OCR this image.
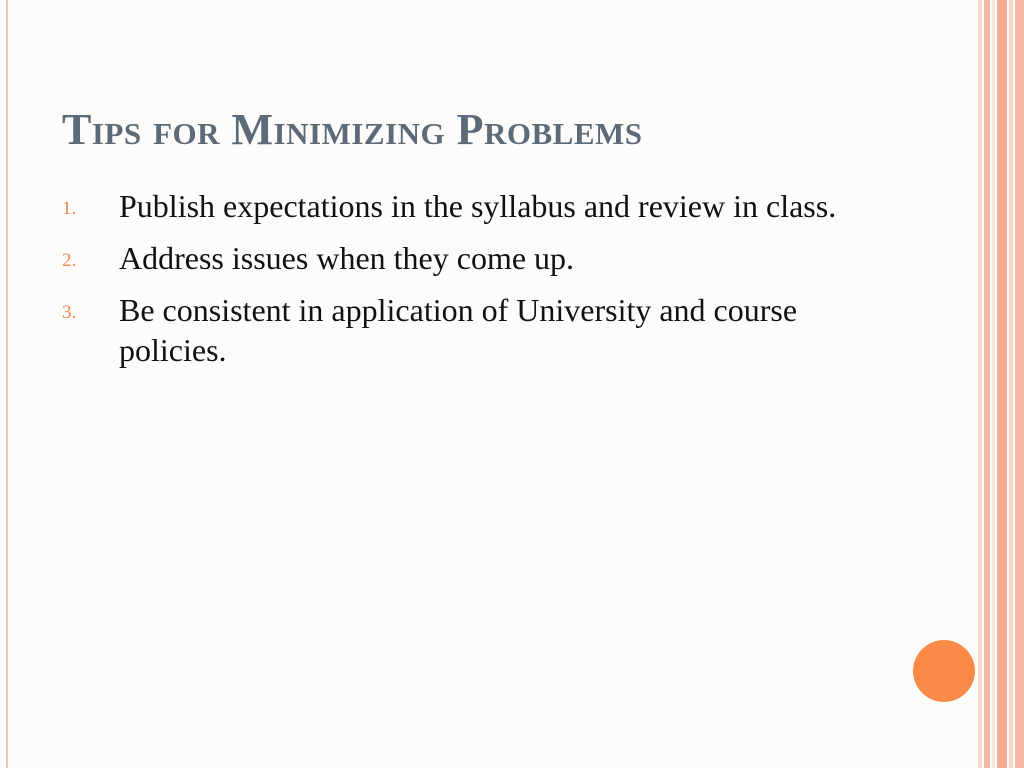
Tips for Minimizing Problems
1. Publish expectations in the syllabus and review in class.
2. Address issues when they come up.
3. Be consistent in application of University and course policies.
